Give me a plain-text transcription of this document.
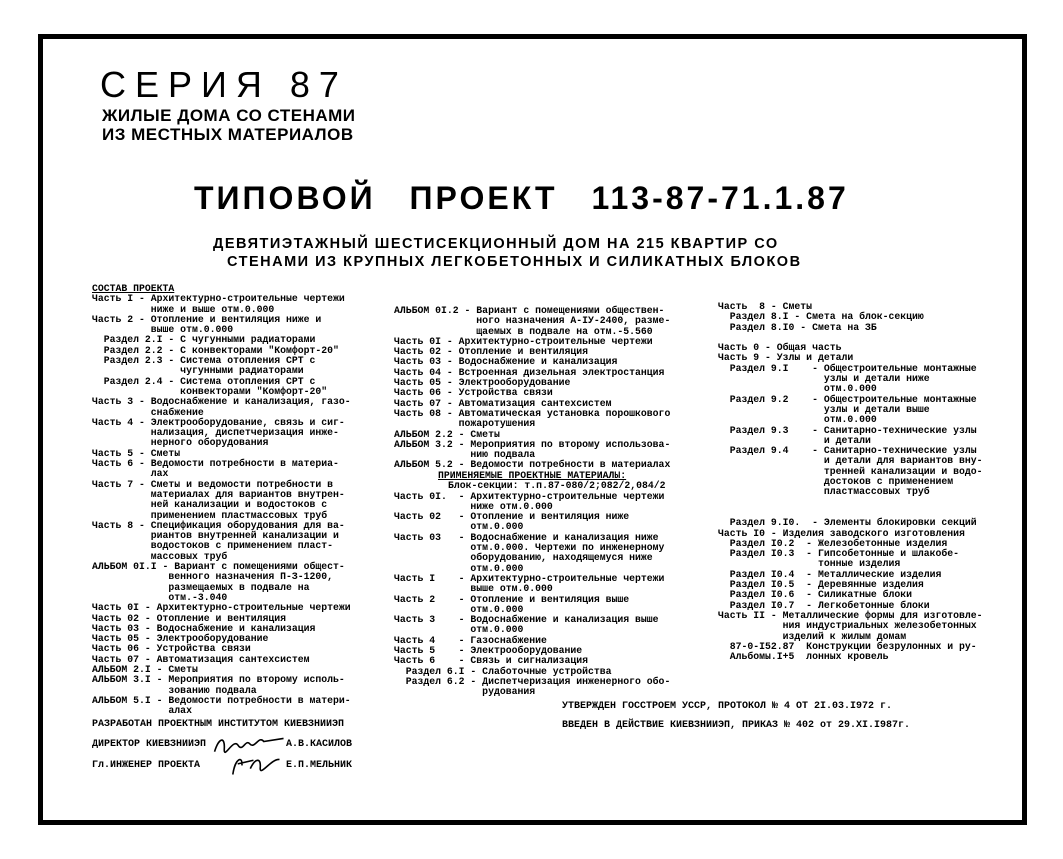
СЕРИЯ 87
ЖИЛЫЕ ДОМА СО СТЕНАМИ
ИЗ МЕСТНЫХ МАТЕРИАЛОВ
ТИПОВОЙ ПРОЕКТ 113-87-71.1.87
ДЕВЯТИЭТАЖНЫЙ ШЕСТИСЕКЦИОННЫЙ ДОМ НА 215 КВАРТИР СО
СТЕНАМИ ИЗ КРУПНЫХ ЛЕГКОБЕТОННЫХ И СИЛИКАТНЫХ БЛОКОВ
СОСТАВ ПРОЕКТА
Часть I - Архитектурно-строительные чертежи
ниже и выше отм.0.000
Часть 2 - Отопление и вентиляция ниже и
выше отм.0.000
Раздел 2.I - С чугунными радиаторами
Раздел 2.2 - С конвекторами "Комфорт-20"
Раздел 2.3 - Система отопления СРТ с
чугунными радиаторами
Раздел 2.4 - Система отопления СРТ с
конвекторами "Комфорт-20"
Часть 3 - Водоснабжение и канализация, газо-
снабжение
Часть 4 - Электрооборудование, связь и сиг-
нализация, диспетчеризация инже-
нерного оборудования
Часть 5 - Сметы
Часть 6 - Ведомости потребности в материа-
лах
Часть 7 - Сметы и ведомости потребности в
материалах для вариантов внутрен-
ней канализации и водостоков с
применением пластмассовых труб
Часть 8 - Спецификация оборудования для ва-
риантов внутренней канализации и
водостоков с применением пласт-
массовых труб
АЛЬБОМ 0I.I - Вариант с помещениями общест-
венного назначения П-З-1200,
размещаемых в подвале на
отм.-3.040
Часть 0I - Архитектурно-строительные чертежи
Часть 02 - Отопление и вентиляция
Часть 03 - Водоснабжение и канализация
Часть 05 - Электрооборудование
Часть 06 - Устройства связи
Часть 07 - Автоматизация сантехсистем
АЛЬБОМ 2.I - Сметы
АЛЬБОМ 3.I - Мероприятия по второму исполь-
зованию подвала
АЛЬБОМ 5.I - Ведомости потребности в матери-
алах
АЛЬБОМ 0I.2 - Вариант с помещениями обществен-
ного назначения А-IУ-2400, разме-
щаемых в подвале на отм.-5.560
Часть 0I - Архитектурно-строительные чертежи
Часть 02 - Отопление и вентиляция
Часть 03 - Водоснабжение и канализация
Часть 04 - Встроенная дизельная электростанция
Часть 05 - Электрооборудование
Часть 06 - Устройства связи
Часть 07 - Автоматизация сантехсистем
Часть 08 - Автоматическая установка порошкового
пожаротушения
АЛЬБОМ 2.2 - Сметы
АЛЬБОМ 3.2 - Мероприятия по второму использова-
нию подвала
АЛЬБОМ 5.2 - Ведомости потребности в материалах
ПРИМЕНЯЕМЫЕ ПРОЕКТНЫЕ МАТЕРИАЛЫ:
Блок-секции: т.п.87-080/2;082/2,084/2
Часть 0I.  - Архитектурно-строительные чертежи
ниже отм.0.000
Часть 02   - Отопление и вентиляция ниже
отм.0.000
Часть 03   - Водоснабжение и канализация ниже
отм.0.000. Чертежи по инженерному
оборудованию, находящемуся ниже
отм.0.000
Часть I    - Архитектурно-строительные чертежи
выше отм.0.000
Часть 2    - Отопление и вентиляция выше
отм.0.000
Часть 3    - Водоснабжение и канализация выше
отм.0.000
Часть 4    - Газоснабжение
Часть 5    - Электрооборудование
Часть 6    - Связь и сигнализация
Раздел 6.I - Слаботочные устройства
Раздел 6.2 - Диспетчеризация инженерного обо-
рудования
Часть  8 - Сметы
Раздел 8.I - Смета на блок-секцию
Раздел 8.I0 - Смета на ЗБ

Часть 0 - Общая часть
Часть 9 - Узлы и детали
Раздел 9.I    - Общестроительные монтажные
узлы и детали ниже
отм.0.000
Раздел 9.2    - Общестроительные монтажные
узлы и детали выше
отм.0.000
Раздел 9.3    - Санитарно-технические узлы
и детали
Раздел 9.4    - Санитарно-технические узлы
и детали для вариантов вну-
тренней канализации и водо-
достоков с применением
пластмассовых труб

Раздел 9.I0.  - Элементы блокировки секций
Часть I0 - Изделия заводского изготовления
Раздел I0.2  - Железобетонные изделия
Раздел I0.3  - Гипсобетонные и шлакобе-
тонные изделия
Раздел I0.4  - Металлические изделия
Раздел I0.5  - Деревянные изделия
Раздел I0.6  - Силикатные блоки
Раздел I0.7  - Легкобетонные блоки
Часть II - Металлические формы для изготовле-
ния индустриальных железобетонных
изделий к жилым домам
87-0-I52.87  Конструкции безрулонных и ру-
Альбомы.I+5  лонных кровель
УТВЕРЖДЕН ГОССТРОЕМ УССР, ПРОТОКОЛ № 4 ОТ 2I.03.I972 г.
ВВЕДЕН В ДЕЙСТВИЕ КИЕВЗНИИЭП, ПРИКАЗ № 402 от 29.XI.I987г.
РАЗРАБОТАН ПРОЕКТНЫМ ИНСТИТУТОМ КИЕВЗНИИЭП
ДИРЕКТОР КИЕВЗНИИЭП	А.В.КАСИЛОВ
Гл.ИНЖЕНЕР ПРОЕКТА	Е.П.МЕЛЬНИК
